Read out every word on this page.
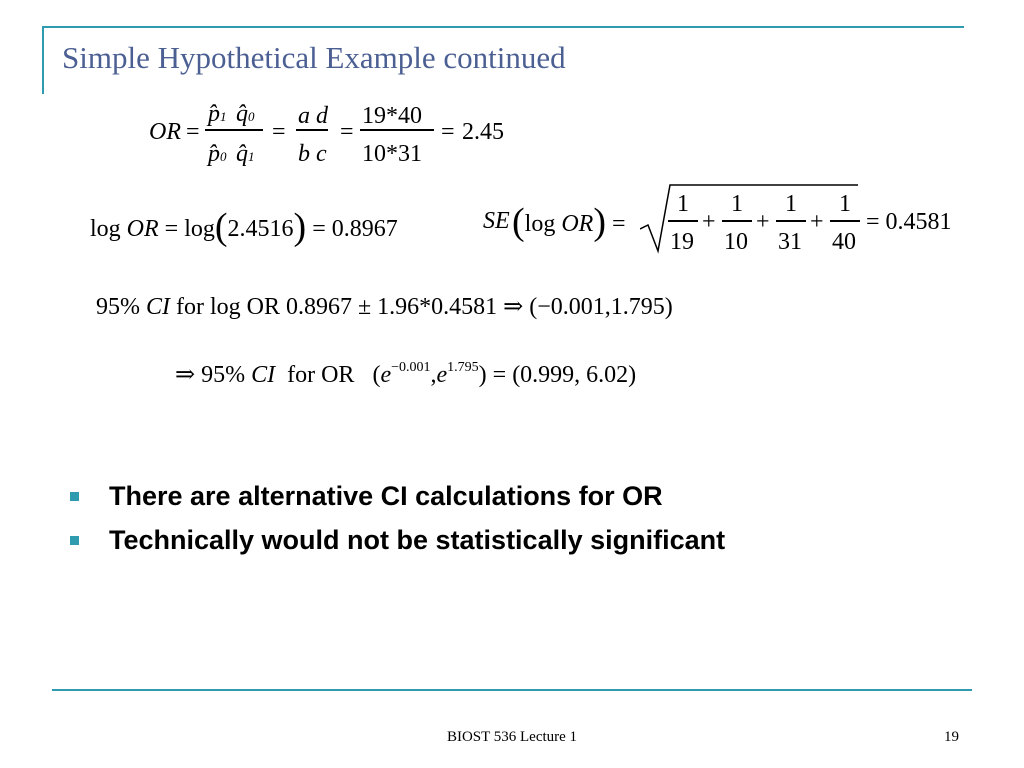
Simple Hypothetical Example continued
OR =
p̂1 q̂0
p̂0 q̂1
=
a d
b c
=
19*40
10*31
= 2.45
log OR = log(2.4516) = 0.8967	SE (log OR) =
1
19
+
1
10
+
1
31
+
1
40
= 0.4581
95% CI for log OR 0.8967 ± 1.96*0.4581 ⇒ (−0.001,1.795)
⇒ 95% CI for OR $(e^{-0.001},e^{1.795}) = (0.999$, 6.02)
There are alternative CI calculations for OR
Technically would not be statistically significant
BIOST 536 Lecture 1	19
